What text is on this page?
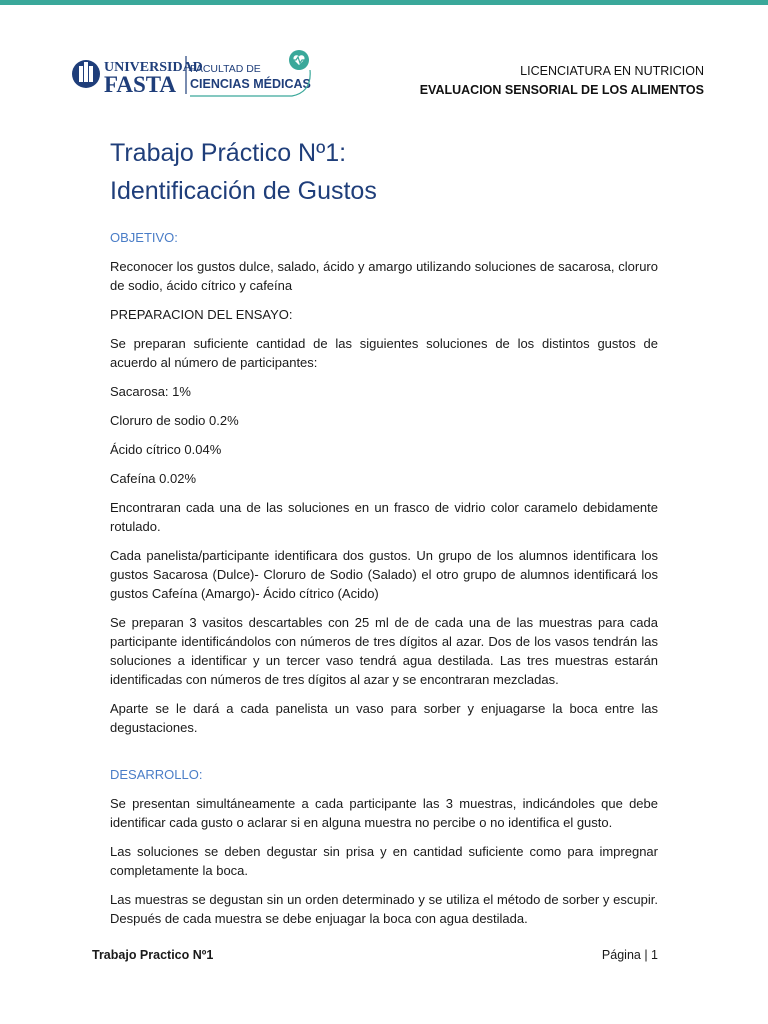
UNIVERSIDAD
FASTA
FACULTAD DE
CIENCIAS MÉDICAS
LICENCIATURA EN NUTRICION
EVALUACION SENSORIAL DE LOS ALIMENTOS
Trabajo Práctico Nº1:
Identificación de Gustos
OBJETIVO:

Reconocer los gustos dulce, salado, ácido y amargo utilizando soluciones de sacarosa, cloruro de sodio, ácido cítrico y cafeína

PREPARACION DEL ENSAYO:

Se preparan suficiente cantidad de las siguientes soluciones de los distintos gustos de acuerdo al número de participantes:

Sacarosa: 1%

Cloruro de sodio 0.2%

Ácido cítrico 0.04%

Cafeína 0.02%

Encontraran cada una de las soluciones en un frasco de vidrio color caramelo debidamente rotulado.

Cada panelista/participante identificara dos gustos. Un grupo de los alumnos identificara los gustos Sacarosa (Dulce)- Cloruro de Sodio (Salado) el otro grupo de alumnos identificará los gustos Cafeína (Amargo)- Ácido cítrico (Acido)

Se preparan 3 vasitos descartables con 25 ml de de cada una de las muestras para cada participante identificándolos con números de tres dígitos al azar. Dos de los vasos tendrán las soluciones a identificar y un tercer vaso tendrá agua destilada. Las tres muestras estarán identificadas con números de tres dígitos al azar y se encontraran mezcladas.

Aparte se le dará a cada panelista un vaso para sorber y enjuagarse la boca entre las degustaciones.

DESARROLLO:

Se presentan simultáneamente a cada participante las 3 muestras, indicándoles que debe identificar cada gusto o aclarar si en alguna muestra no percibe o no identifica el gusto.

Las soluciones se deben degustar sin prisa y en cantidad suficiente como para impregnar completamente la boca.

Las muestras se degustan sin un orden determinado y se utiliza el método de sorber y escupir. Después de cada muestra se debe enjuagar la boca con agua destilada.

Trabajo Practico Nº1	Página | 1
